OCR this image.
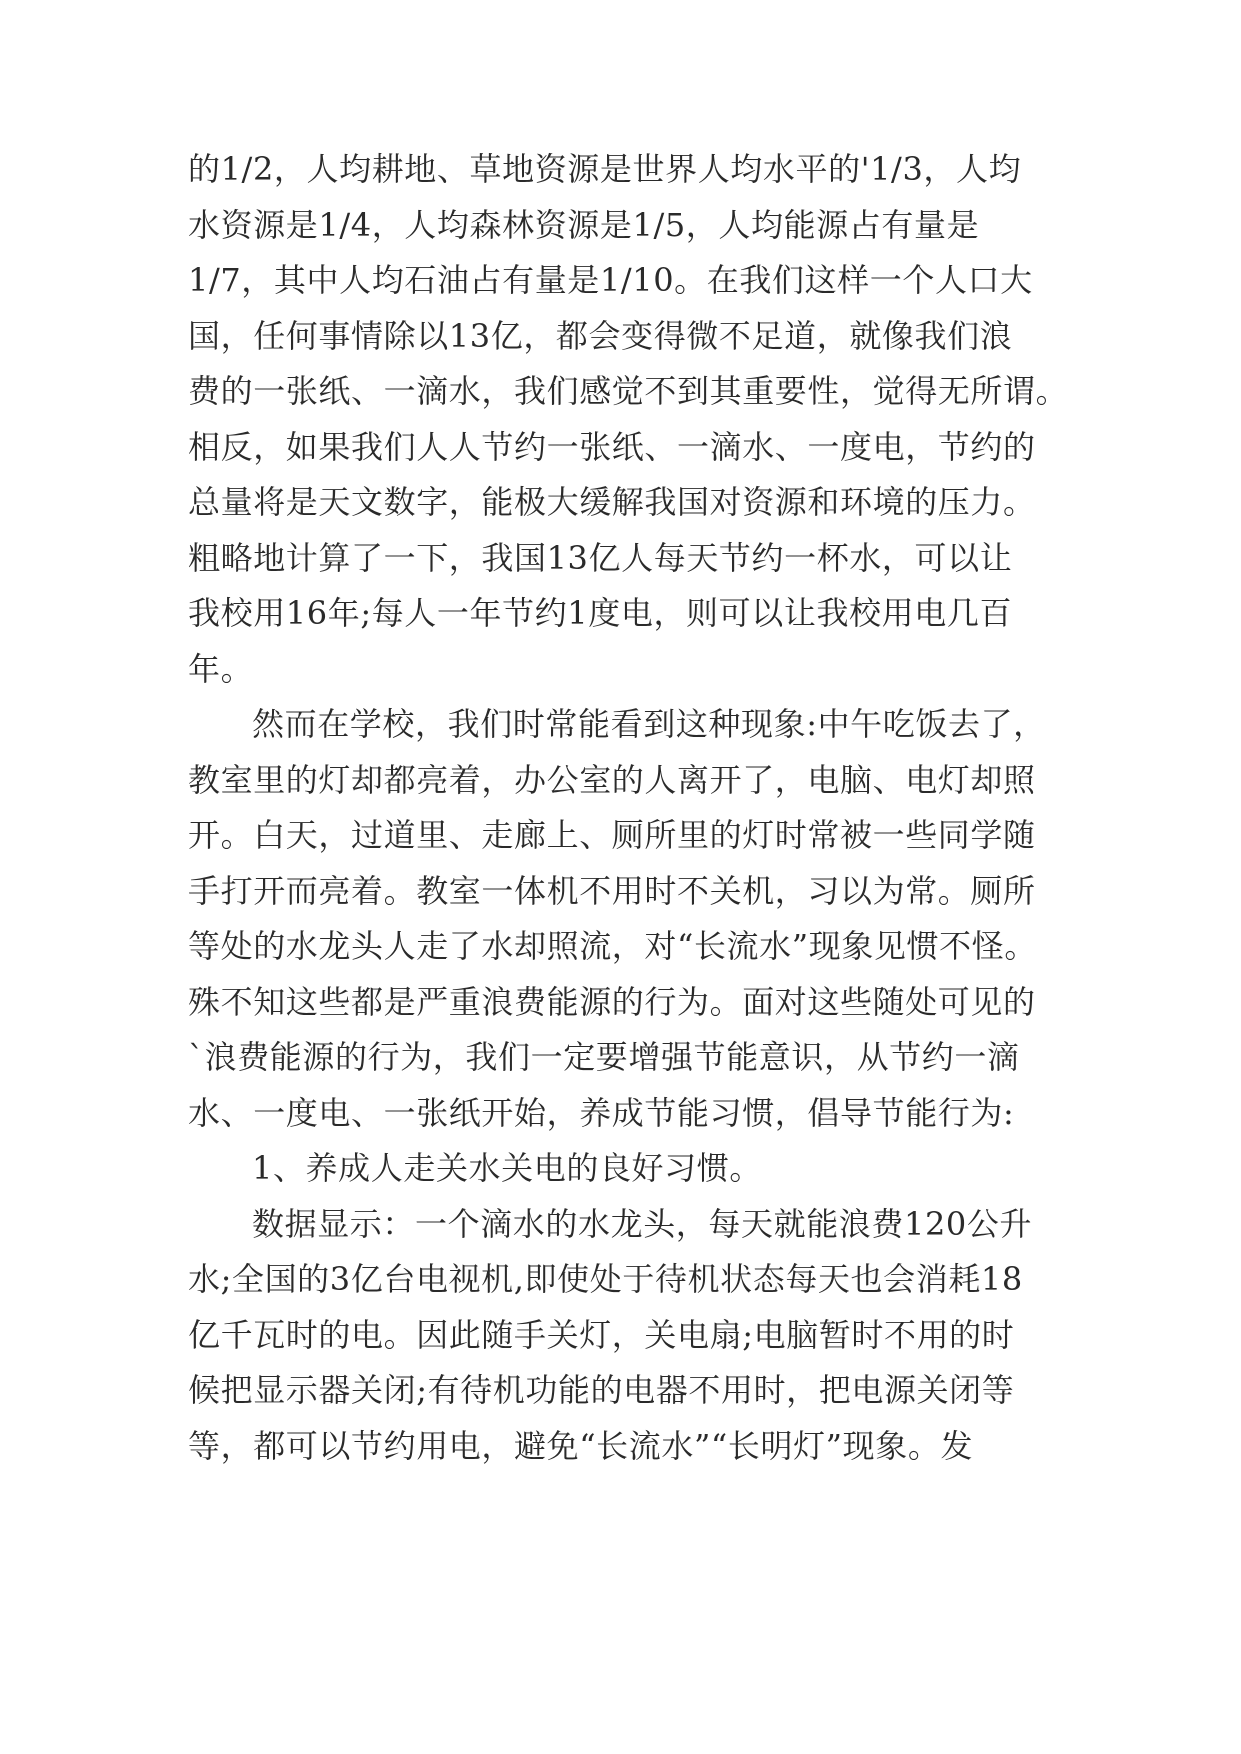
的1/2，人均耕地、草地资源是世界人均水平的'1/3，人均
水资源是1/4，人均森林资源是1/5，人均能源占有量是
1/7，其中人均石油占有量是1/10。在我们这样一个人口大
国，任何事情除以13亿，都会变得微不足道，就像我们浪
费的一张纸、一滴水，我们感觉不到其重要性，觉得无所谓。
相反，如果我们人人节约一张纸、一滴水、一度电，节约的
总量将是天文数字，能极大缓解我国对资源和环境的压力。
粗略地计算了一下，我国13亿人每天节约一杯水，可以让
我校用16年;每人一年节约1度电，则可以让我校用电几百
年。
然而在学校，我们时常能看到这种现象:中午吃饭去了，
教室里的灯却都亮着，办公室的人离开了，电脑、电灯却照
开。白天，过道里、走廊上、厕所里的灯时常被一些同学随
手打开而亮着。教室一体机不用时不关机，习以为常。厕所
等处的水龙头人走了水却照流，对“长流水”现象见惯不怪。
殊不知这些都是严重浪费能源的行为。面对这些随处可见的
`浪费能源的行为，我们一定要增强节能意识，从节约一滴
水、一度电、一张纸开始，养成节能习惯，倡导节能行为:
1、养成人走关水关电的良好习惯。
数据显示：一个滴水的水龙头，每天就能浪费120公升
水;全国的3亿台电视机,即使处于待机状态每天也会消耗18
亿千瓦时的电。因此随手关灯，关电扇;电脑暂时不用的时
候把显示器关闭;有待机功能的电器不用时，把电源关闭等
等，都可以节约用电，避免“长流水”“长明灯”现象。发
